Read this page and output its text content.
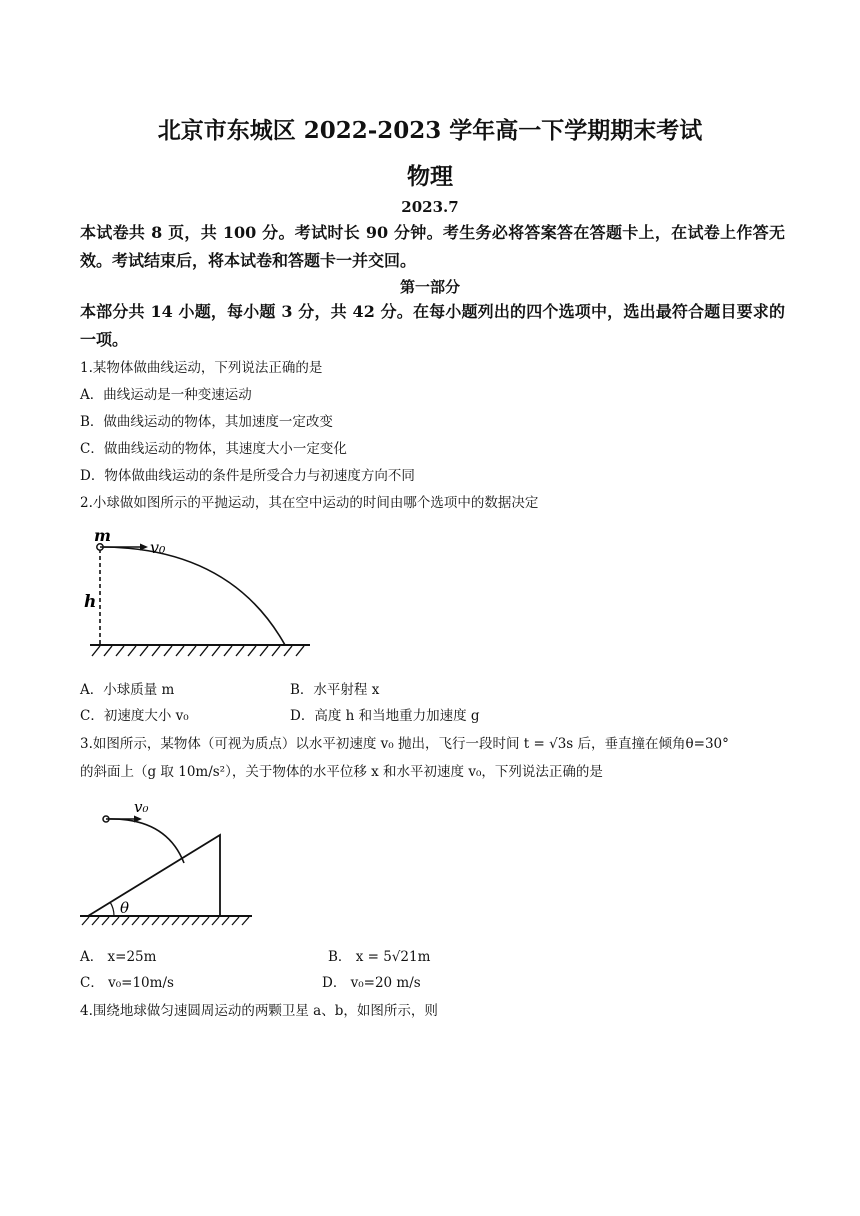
北京市东城区 2022-2023 学年高一下学期期末考试
物理
2023.7
本试卷共 8 页，共 100 分。考试时长 90 分钟。考生务必将答案答在答题卡上，在试卷上作答无效。考试结束后，将本试卷和答题卡一并交回。
第一部分
本部分共 14 小题，每小题 3 分，共 42 分。在每小题列出的四个选项中，选出最符合题目要求的一项。
1.某物体做曲线运动，下列说法正确的是
A．曲线运动是一种变速运动
B．做曲线运动的物体，其加速度一定改变
C．做曲线运动的物体，其速度大小一定变化
D．物体做曲线运动的条件是所受合力与初速度方向不同
2.小球做如图所示的平抛运动，其在空中运动的时间由哪个选项中的数据决定
m
v₀
h
A．小球质量 m	B．水平射程 x
C．初速度大小 v₀	D．高度 h 和当地重力加速度 g
3.如图所示，某物体（可视为质点）以水平初速度 v₀ 抛出，飞行一段时间 t = √3s 后，垂直撞在倾角θ=30°
的斜面上（g 取 10m/s²），关于物体的水平位移 x 和水平初速度 v₀，下列说法正确的是
v₀
θ
A． x=25m	B． x = 5√21m
C． v₀=10m/s	D． v₀=20 m/s
4.围绕地球做匀速圆周运动的两颗卫星 a、b，如图所示，则
